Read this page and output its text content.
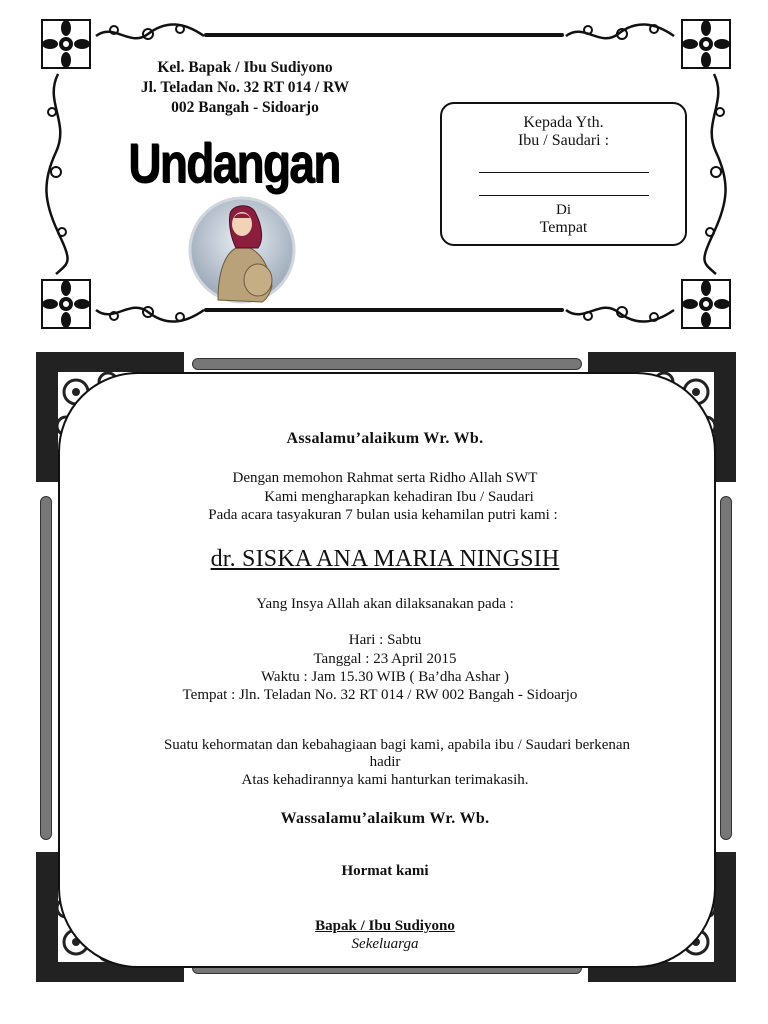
Kel. Bapak / Ibu Sudiyono
Jl. Teladan No. 32 RT 014 / RW
002 Bangah - Sidoarjo
Undangan
Kepada Yth.
Ibu / Saudari :
Di
Tempat
Assalamu’alaikum Wr. Wb.
Dengan memohon Rahmat serta Ridho Allah SWT
Kami mengharapkan kehadiran Ibu / Saudari
Pada acara tasyakuran 7 bulan usia kehamilan putri kami :
dr. SISKA ANA MARIA NINGSIH
Yang Insya Allah akan dilaksanakan pada :
Hari : Sabtu
Tanggal : 23 April 2015
Waktu : Jam 15.30 WIB ( Ba’dha Ashar )
Tempat : Jln. Teladan No. 32 RT 014 / RW 002 Bangah - Sidoarjo
Suatu kehormatan dan kebahagiaan bagi kami, apabila ibu / Saudari berkenan
hadir
Atas kehadirannya kami hanturkan terimakasih.
Wassalamu’alaikum Wr. Wb.
Hormat kami
Bapak / Ibu Sudiyono
Sekeluarga
